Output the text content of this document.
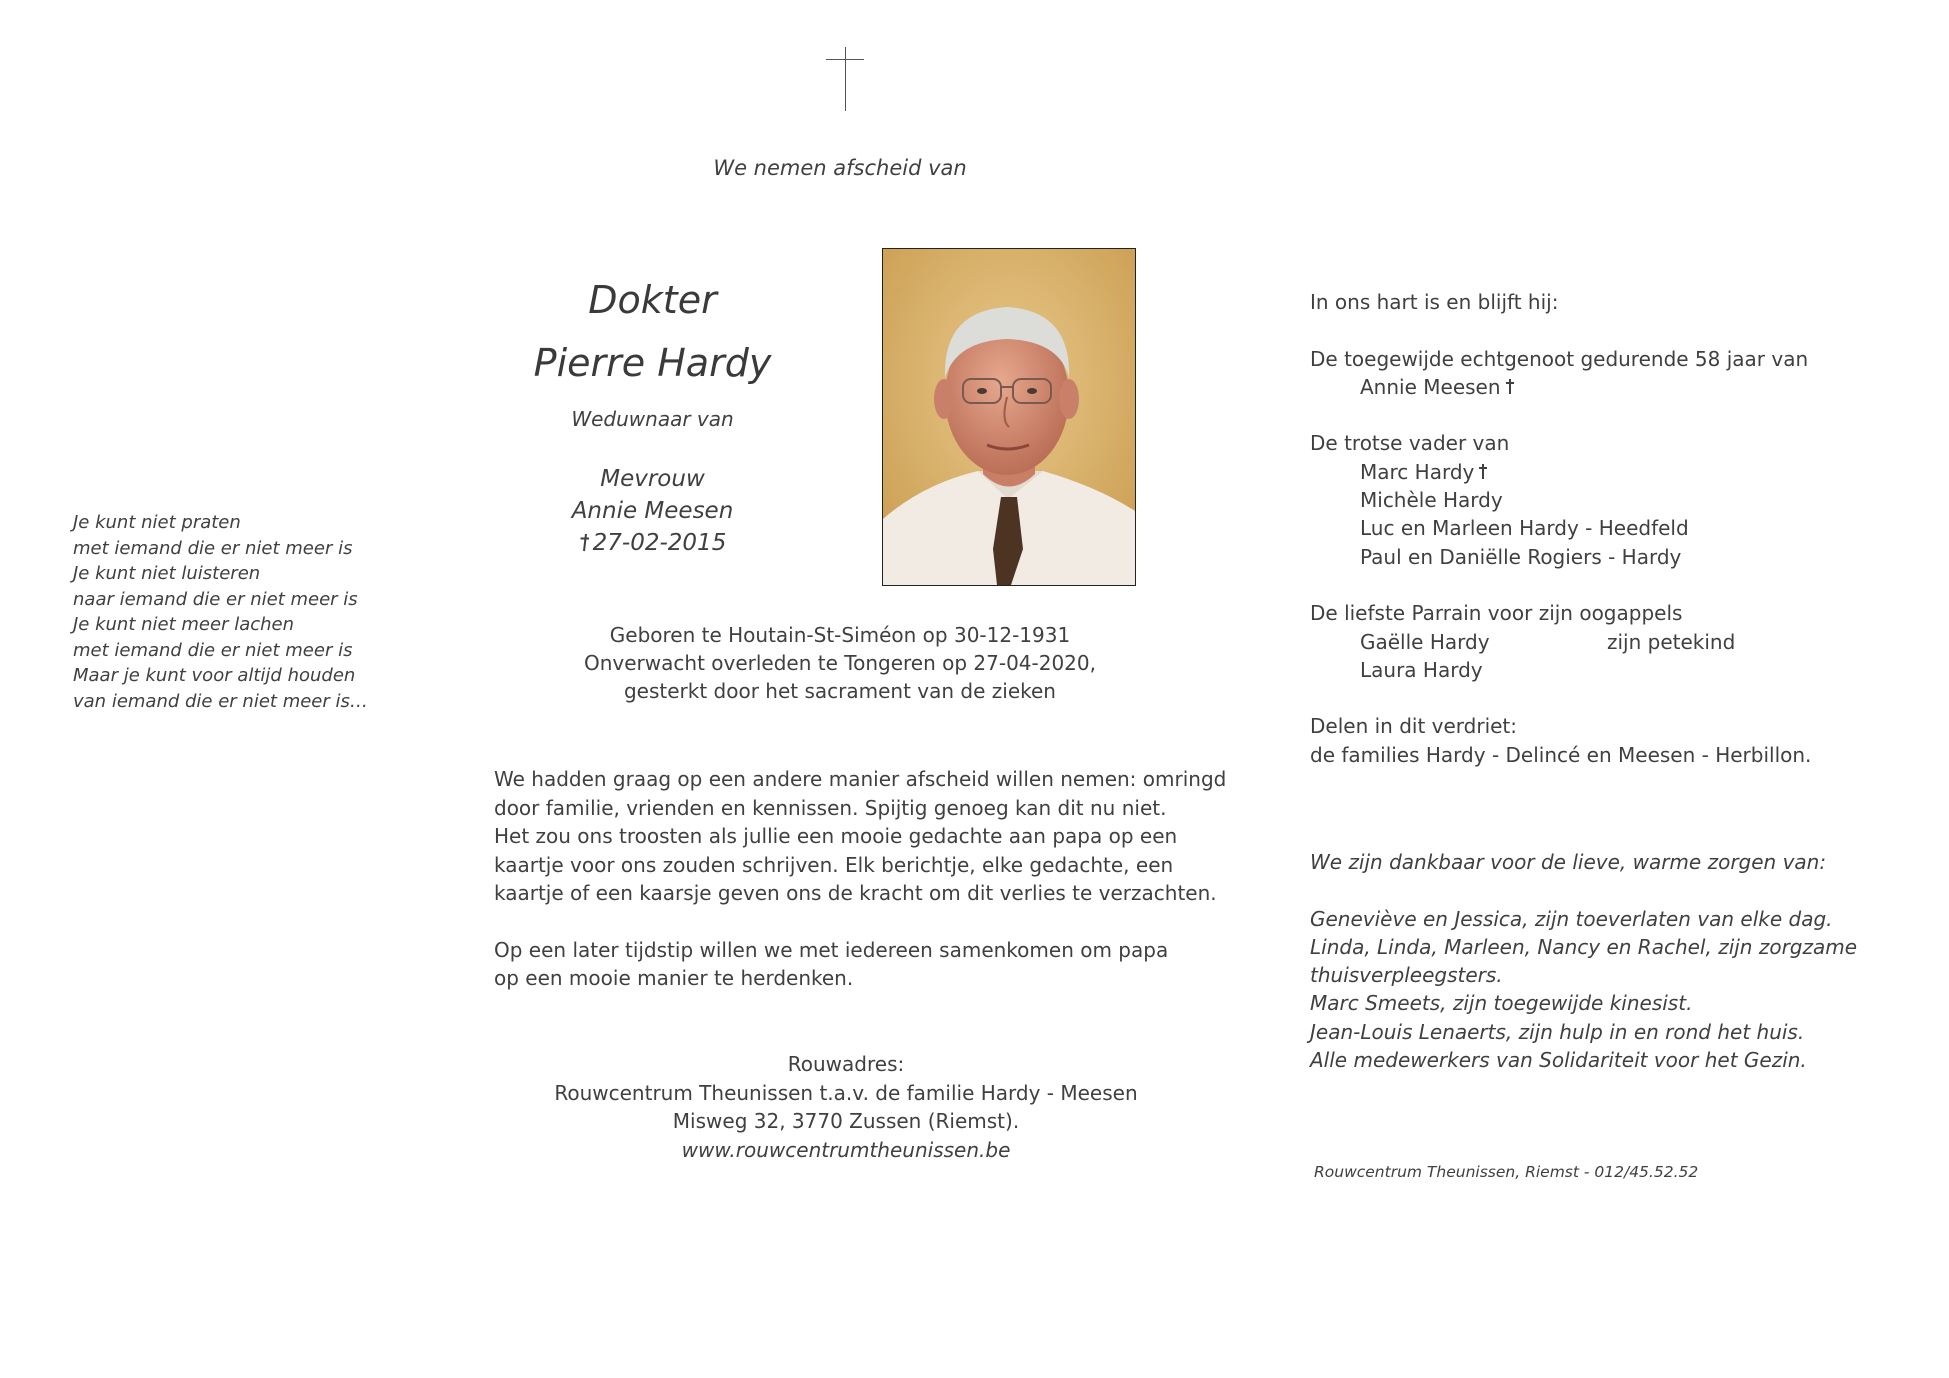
We nemen afscheid van
Dokter
Pierre Hardy
Weduwnaar van
Mevrouw
Annie Meesen
27-02-2015
Je kunt niet praten
met iemand die er niet meer is
Je kunt niet luisteren
naar iemand die er niet meer is
Je kunt niet meer lachen
met iemand die er niet meer is
Maar je kunt voor altijd houden
van iemand die er niet meer is…
Geboren te Houtain-St-Siméon op 30-12-1931
Onverwacht overleden te Tongeren op 27-04-2020,
gesterkt door het sacrament van de zieken
We hadden graag op een andere manier afscheid willen nemen: omringd
door familie, vrienden en kennissen. Spijtig genoeg kan dit nu niet.
Het zou ons troosten als jullie een mooie gedachte aan papa op een
kaartje voor ons zouden schrijven. Elk berichtje, elke gedachte, een
kaartje of een kaarsje geven ons de kracht om dit verlies te verzachten.
Op een later tijdstip willen we met iedereen samenkomen om papa
op een mooie manier te herdenken.
Rouwadres:
Rouwcentrum Theunissen t.a.v. de familie Hardy - Meesen
Misweg 32, 3770 Zussen (Riemst).
www.rouwcentrumtheunissen.be
In ons hart is en blijft hij:
De toegewijde echtgenoot gedurende 58 jaar van
Annie Meesen
De trotse vader van
Marc Hardy
Michèle Hardy
Luc en Marleen Hardy - Heedfeld
Paul en Daniëlle Rogiers - Hardy
De liefste Parrain voor zijn oogappels
Gaëlle Hardy	zijn petekind
Laura Hardy
Delen in dit verdriet:
de families Hardy - Delincé en Meesen - Herbillon.
We zijn dankbaar voor de lieve, warme zorgen van:
Geneviève en Jessica, zijn toeverlaten van elke dag.
Linda, Linda, Marleen, Nancy en Rachel, zijn zorgzame
thuisverpleegsters.
Marc Smeets, zijn toegewijde kinesist.
Jean-Louis Lenaerts, zijn hulp in en rond het huis.
Alle medewerkers van Solidariteit voor het Gezin.
Rouwcentrum Theunissen, Riemst - 012/45.52.52
